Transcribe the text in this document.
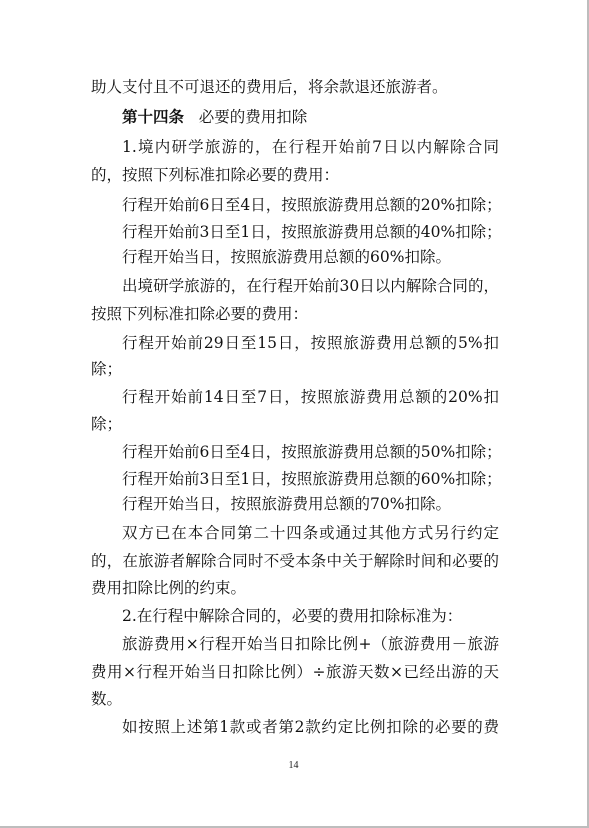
助人支付且不可退还的费用后，将余款退还旅游者。

第十四条 必要的费用扣除

1.境内研学旅游的，在行程开始前7日以内解除合同

的，按照下列标准扣除必要的费用：

行程开始前6日至4日，按照旅游费用总额的20%扣除；

行程开始前3日至1日，按照旅游费用总额的40%扣除；

行程开始当日，按照旅游费用总额的60%扣除。

出境研学旅游的，在行程开始前30日以内解除合同的，

按照下列标准扣除必要的费用：

行程开始前29日至15日，按照旅游费用总额的5%扣

除；

行程开始前14日至7日，按照旅游费用总额的20%扣

除；

行程开始前6日至4日，按照旅游费用总额的50%扣除；

行程开始前3日至1日，按照旅游费用总额的60%扣除；

行程开始当日，按照旅游费用总额的70%扣除。

双方已在本合同第二十四条或通过其他方式另行约定

的，在旅游者解除合同时不受本条中关于解除时间和必要的

费用扣除比例的约束。

2.在行程中解除合同的，必要的费用扣除标准为：

旅游费用×行程开始当日扣除比例+（旅游费用－旅游

费用×行程开始当日扣除比例）÷旅游天数×已经出游的天

数。

如按照上述第1款或者第2款约定比例扣除的必要的费

14
